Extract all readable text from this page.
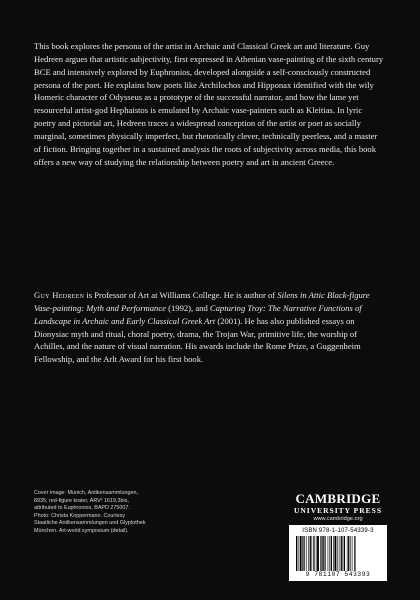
This book explores the persona of the artist in Archaic and Classical Greek art and literature. Guy Hedreen argues that artistic subjectivity, first expressed in Athenian vase-painting of the sixth century BCE and intensively explored by Euphronios, developed alongside a self-consciously constructed persona of the poet. He explains how poets like Archilochos and Hipponax identified with the wily Homeric character of Odysseus as a prototype of the successful narrator, and how the lame yet resourceful artist-god Hephaistos is emulated by Archaic vase-painters such as Kleitias. In lyric poetry and pictorial art, Hedreen traces a widespread conception of the artist or poet as socially marginal, sometimes physically imperfect, but rhetorically clever, technically peerless, and a master of fiction. Bringing together in a sustained analysis the roots of subjectivity across media, this book offers a new way of studying the relationship between poetry and art in ancient Greece.

Guy Hedreen is Professor of Art at Williams College. He is author of Silens in Attic Black-figure Vase-painting: Myth and Performance (1992), and Capturing Troy: The Narrative Functions of Landscape in Archaic and Early Classical Greek Art (2001). He has also published essays on Dionysiac myth and ritual, choral poetry, drama, the Trojan War, primitive life, the worship of Achilles, and the nature of visual narration. His awards include the Rome Prize, a Guggenheim Fellowship, and the Arlt Award for his first book.

Cover image: Munich, Antikensammlungen,
8935, red-figure krater, ARV² 1619,3bis,
attributed to Euphronios, BAPD 275007.
Photo: Christa Koppermann. Courtesy
Staatliche Antikensammlungen und Glyptothek
München. Art-world symposium (detail).

CAMBRIDGE
UNIVERSITY PRESS
www.cambridge.org
ISBN 978-1-107-54339-3
9 781107 543393
